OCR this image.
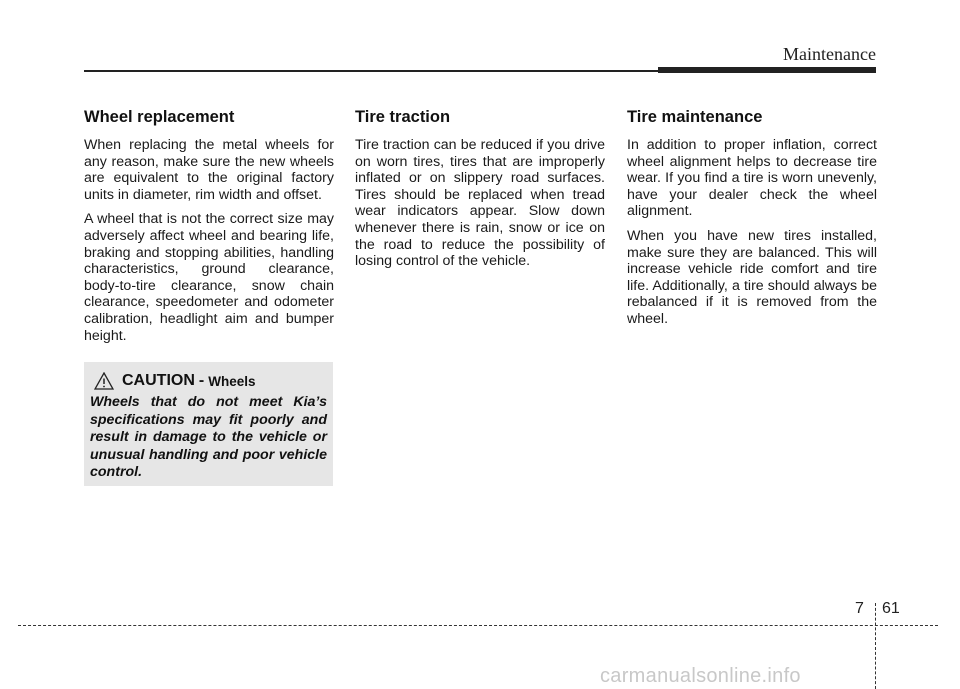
Maintenance
Wheel replacement

When replacing the metal wheels for any reason, make sure the new wheels are equivalent to the original factory units in diameter, rim width and offset.

A wheel that is not the correct size may adversely affect wheel and bearing life, braking and stopping abilities, handling characteristics, ground clearance, body-to-tire clearance, snow chain clearance, speedometer and odometer calibration, headlight aim and bumper height.

CAUTION - Wheels

Wheels that do not meet Kia’s specifications may fit poorly and result in damage to the vehicle or unusual handling and poor vehicle control.

Tire traction

Tire traction can be reduced if you drive on worn tires, tires that are improperly inflated or on slippery road surfaces. Tires should be replaced when tread wear indicators appear. Slow down whenever there is rain, snow or ice on the road to reduce the possibility of losing control of the vehicle.

Tire maintenance

In addition to proper inflation, correct wheel alignment helps to decrease tire wear. If you find a tire is worn unevenly, have your dealer check the wheel alignment.

When you have new tires installed, make sure they are balanced. This will increase vehicle ride comfort and tire life. Additionally, a tire should always be rebalanced if it is removed from the wheel.

7 61
carmanualsonline.info
